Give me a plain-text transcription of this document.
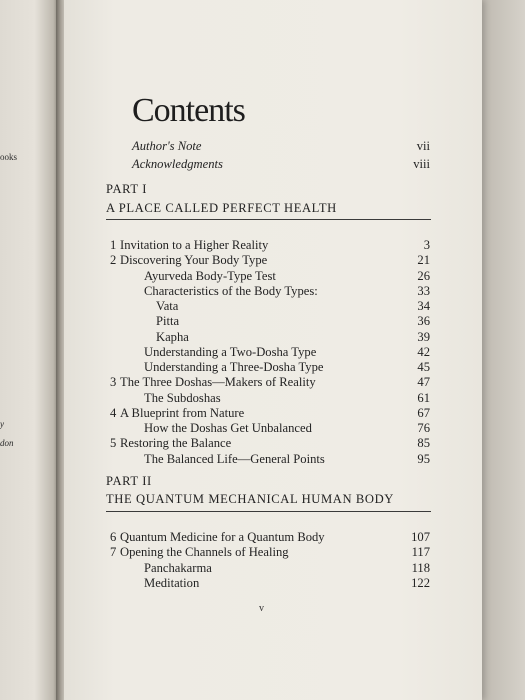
ooks
y
don
Contents
Author's Note	vii
Acknowledgments	viii
PART I
A PLACE CALLED PERFECT HEALTH
1 Invitation to a Higher Reality	3
2 Discovering Your Body Type	21
Ayurveda Body-Type Test	26
Characteristics of the Body Types:	33
Vata	34
Pitta	36
Kapha	39
Understanding a Two-Dosha Type	42
Understanding a Three-Dosha Type	45
3 The Three Doshas—Makers of Reality	47
The Subdoshas	61
4 A Blueprint from Nature	67
How the Doshas Get Unbalanced	76
5 Restoring the Balance	85
The Balanced Life—General Points	95
PART II
THE QUANTUM MECHANICAL HUMAN BODY
6 Quantum Medicine for a Quantum Body	107
7 Opening the Channels of Healing	117
Panchakarma	118
Meditation	122
v
